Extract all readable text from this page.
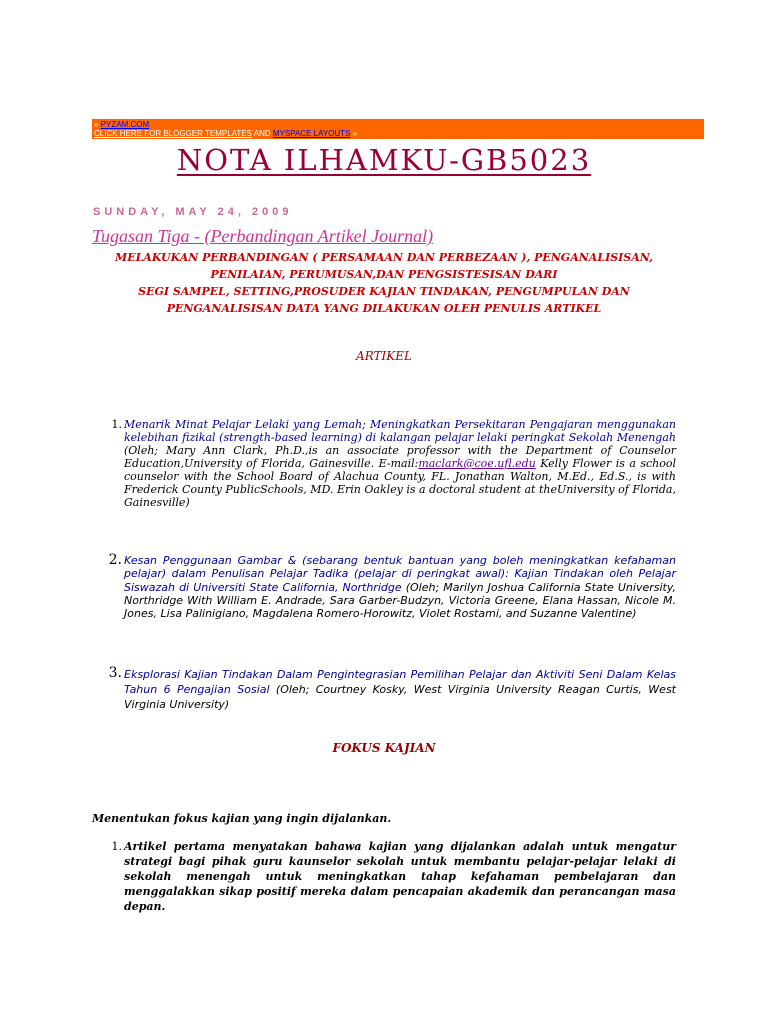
» PYZAM.COM
CLICK HERE FOR BLOGGER TEMPLATES AND MYSPACE LAYOUTS »
NOTA ILHAMKU-GB5023
SUNDAY, MAY 24, 2009
Tugasan Tiga - (Perbandingan Artikel Journal)
MELAKUKAN PERBANDINGAN ( PERSAMAAN DAN PERBEZAAN ), PENGANALISISAN,
PENILAIAN, PERUMUSAN,DAN PENGSISTESISAN DARI
SEGI SAMPEL, SETTING,PROSUDER KAJIAN TINDAKAN, PENGUMPULAN DAN
PENGANALISISAN DATA YANG DILAKUKAN OLEH PENULIS ARTIKEL
ARTIKEL
1. Menarik Minat Pelajar Lelaki yang Lemah; Meningkatkan Persekitaran Pengajaran menggunakan kelebihan fizikal (strength-based learning) di kalangan pelajar lelaki peringkat Sekolah Menengah (Oleh; Mary Ann Clark, Ph.D.,is an associate professor with the Department of Counselor Education,University of Florida, Gainesville. E-mail:maclark@coe.ufl.edu Kelly Flower is a school counselor with the School Board of Alachua County, FL. Jonathan Walton, M.Ed., Ed.S., is with Frederick County PublicSchools, MD. Erin Oakley is a doctoral student at theUniversity of Florida, Gainesville)
2. Kesan Penggunaan Gambar & (sebarang bentuk bantuan yang boleh meningkatkan kefahaman pelajar) dalam Penulisan Pelajar Tadika (pelajar di peringkat awal): Kajian Tindakan oleh Pelajar Siswazah di Universiti State California, Northridge (Oleh; Marilyn Joshua California State University, Northridge With William E. Andrade, Sara Garber-Budzyn, Victoria Greene, Elana Hassan, Nicole M. Jones, Lisa Palinigiano, Magdalena Romero-Horowitz, Violet Rostami, and Suzanne Valentine)
3. Eksplorasi Kajian Tindakan Dalam Pengintegrasian Pemilihan Pelajar dan Aktiviti Seni Dalam Kelas Tahun 6 Pengajian Sosial (Oleh; Courtney Kosky, West Virginia University Reagan Curtis, West Virginia University)
FOKUS KAJIAN
Menentukan fokus kajian yang ingin dijalankan.
1. Artikel pertama menyatakan bahawa kajian yang dijalankan adalah untuk mengatur strategi bagi pihak guru kaunselor sekolah untuk membantu pelajar-pelajar lelaki di sekolah menengah untuk meningkatkan tahap kefahaman pembelajaran dan menggalakkan sikap positif mereka dalam pencapaian akademik dan perancangan masa depan.
